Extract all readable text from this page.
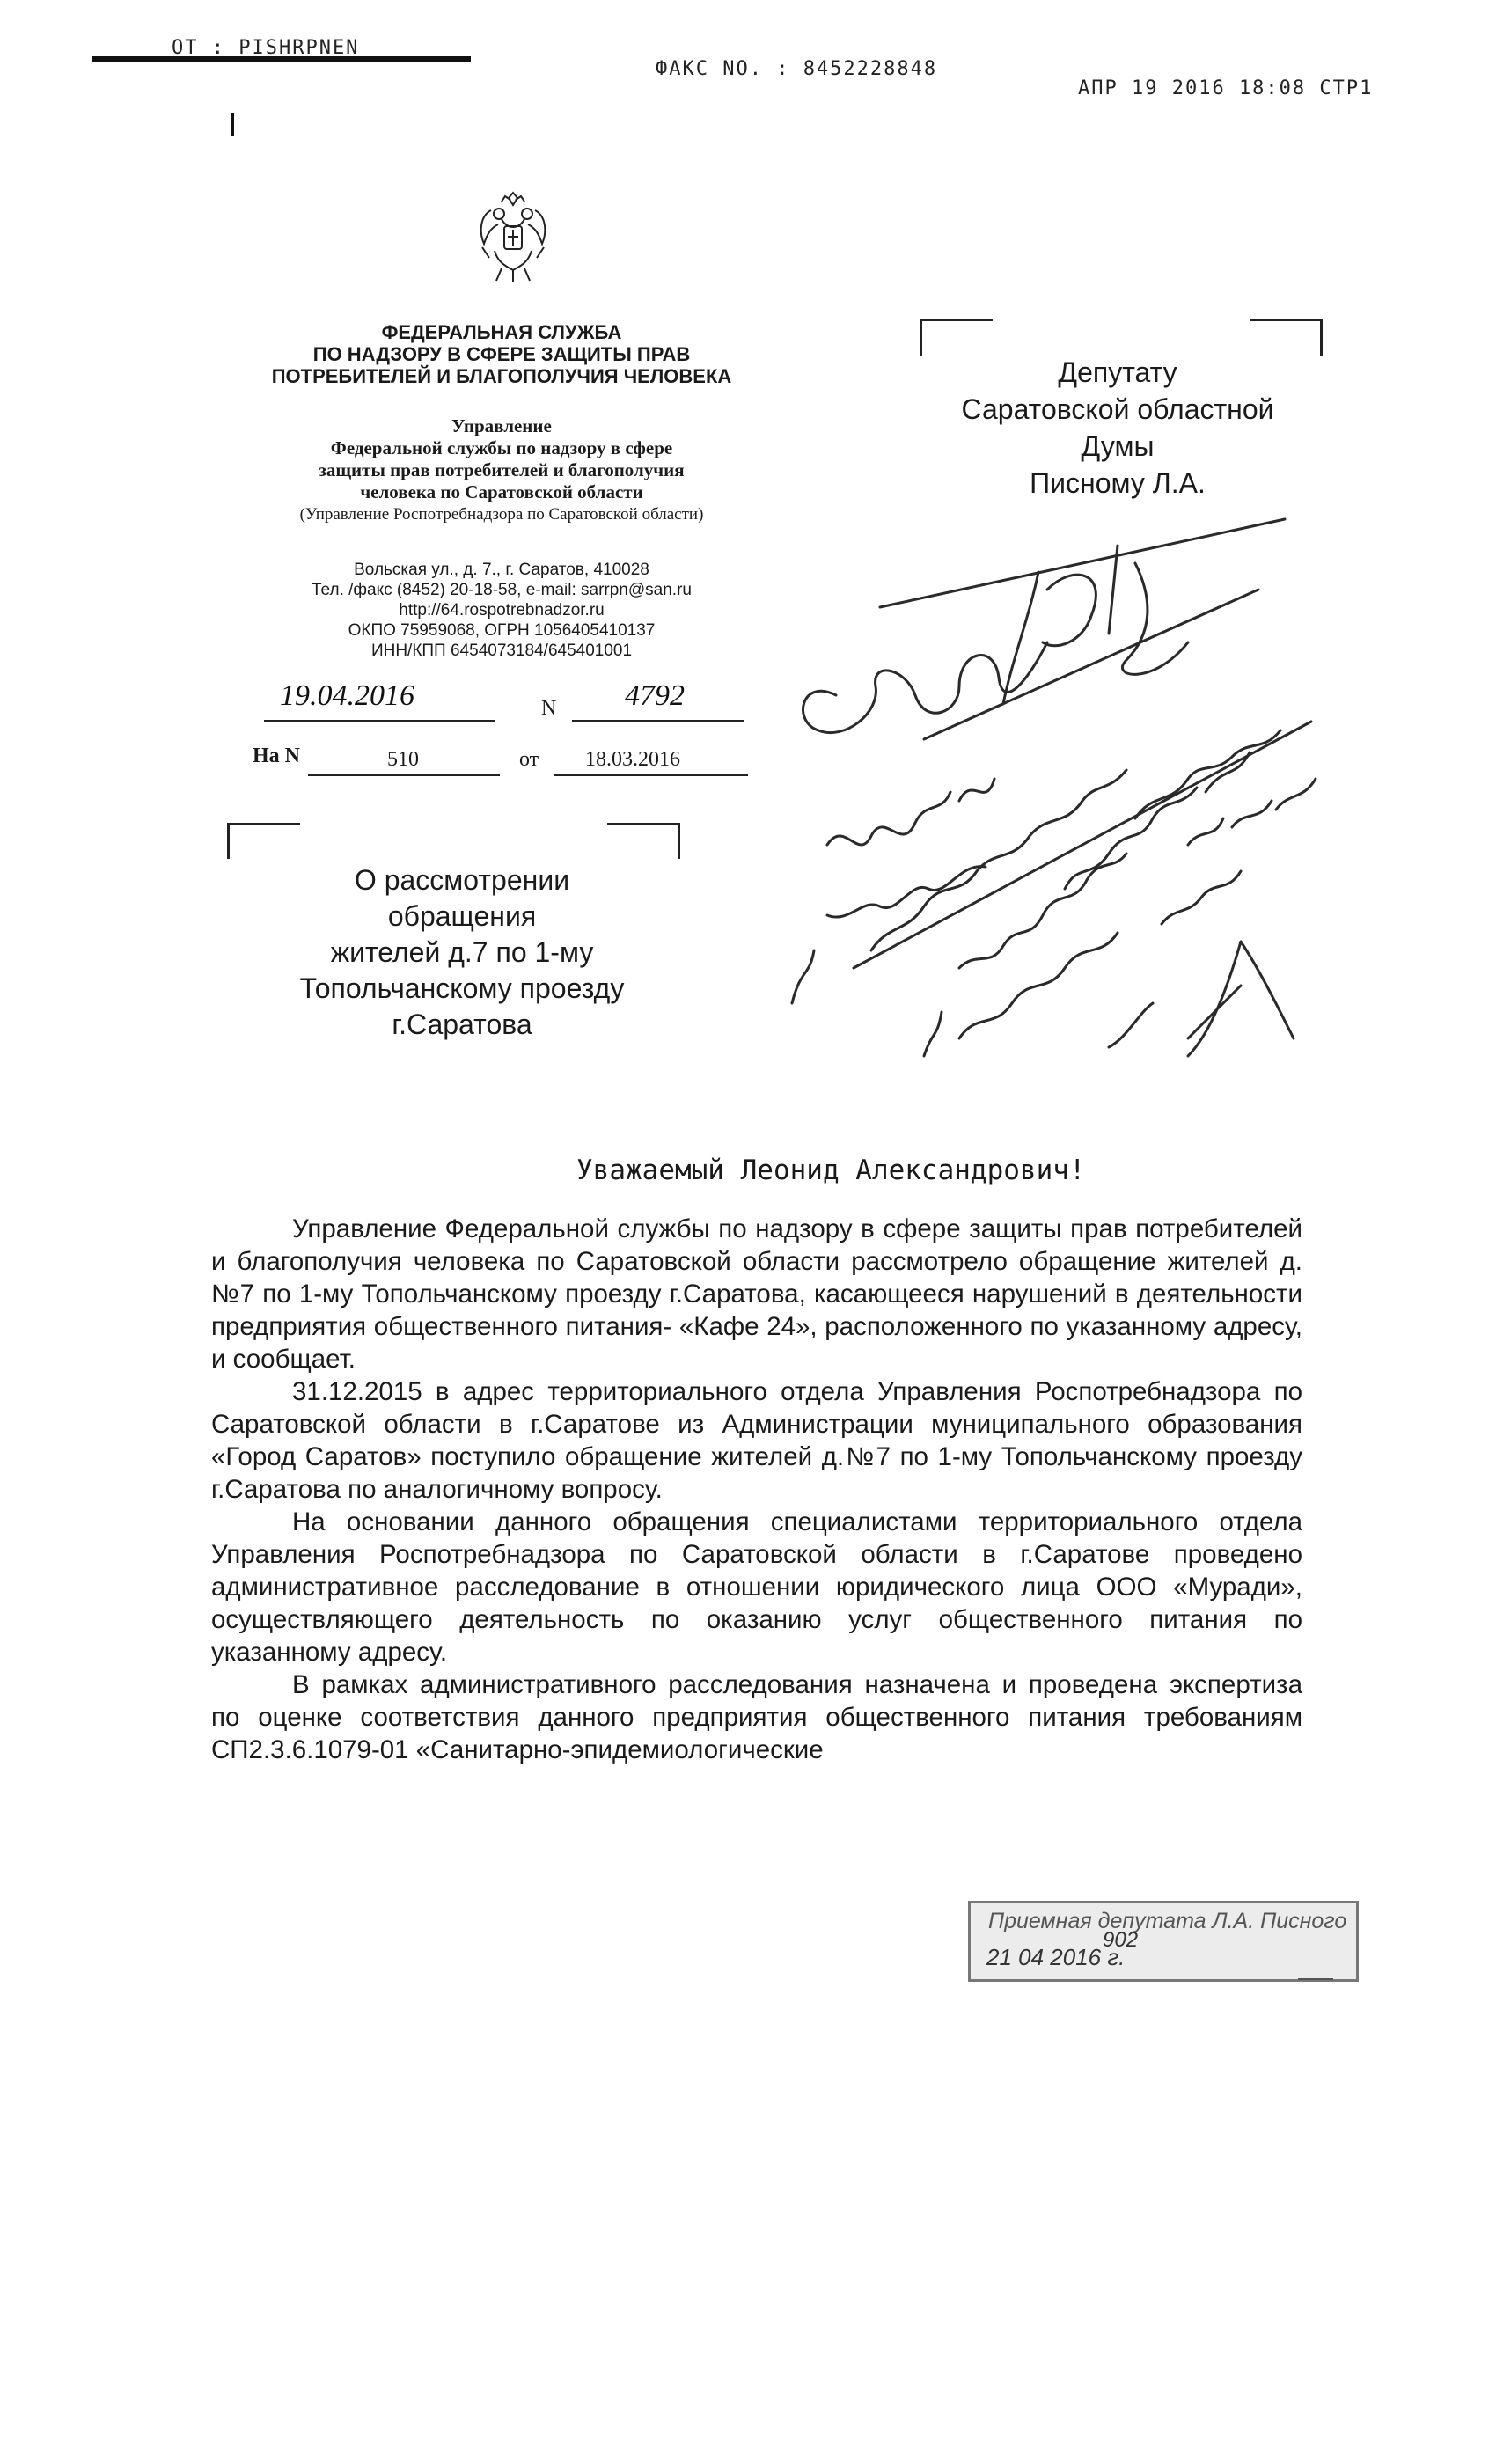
OT : PISHRPNEN
ФАКС NO. : 8452228848
АПР 19 2016 18:08 СТР1
ФЕДЕРАЛЬНАЯ СЛУЖБА
ПО НАДЗОРУ В СФЕРЕ ЗАЩИТЫ ПРАВ
ПОТРЕБИТЕЛЕЙ И БЛАГОПОЛУЧИЯ ЧЕЛОВЕКА
Управление
Федеральной службы по надзору в сфере
защиты прав потребителей и благополучия
человека по Саратовской области
(Управление Роспотребнадзора по Саратовской области)
Вольская ул., д. 7., г. Саратов, 410028
Тел. /факс (8452) 20-18-58, e-mail: sarrpn@san.ru
http://64.rospotrebnadzor.ru
ОКПО 75959068, ОГРН 1056405410137
ИНН/КПП 6454073184/645401001
19.04.2016	N 4792
На N	510	от 18.03.2016
Депутату
Саратовской областной
Думы
Писному Л.А.
О рассмотрении
обращения
жителей д.7 по 1-му
Топольчанскому проезду
г.Саратова
Уважаемый Леонид Александрович!

Управление Федеральной службы по надзору в сфере защиты прав потребителей и благополучия человека по Саратовской области рассмотрело обращение жителей д.№7 по 1-му Топольчанскому проезду г.Саратова, касающееся нарушений в деятельности предприятия общественного питания- «Кафе 24», расположенного по указанному адресу, и сообщает.

31.12.2015 в адрес территориального отдела Управления Роспотребнадзора по Саратовской области в г.Саратове из Администрации муниципального образования «Город Саратов» поступило обращение жителей д.№7 по 1-му Топольчанскому проезду г.Саратова по аналогичному вопросу.

На основании данного обращения специалистами территориального отдела Управления Роспотребнадзора по Саратовской области в г.Саратове проведено административное расследование в отношении юридического лица ООО «Муради», осуществляющего деятельность по оказанию услуг общественного питания по указанному адресу.

В рамках административного расследования назначена и проведена экспертиза по оценке соответствия данного предприятия общественного питания требованиям СП2.3.6.1079-01 «Санитарно-эпидемиологические

Приемная депутата Л.А. Писного
21 04 2016 г.
902
